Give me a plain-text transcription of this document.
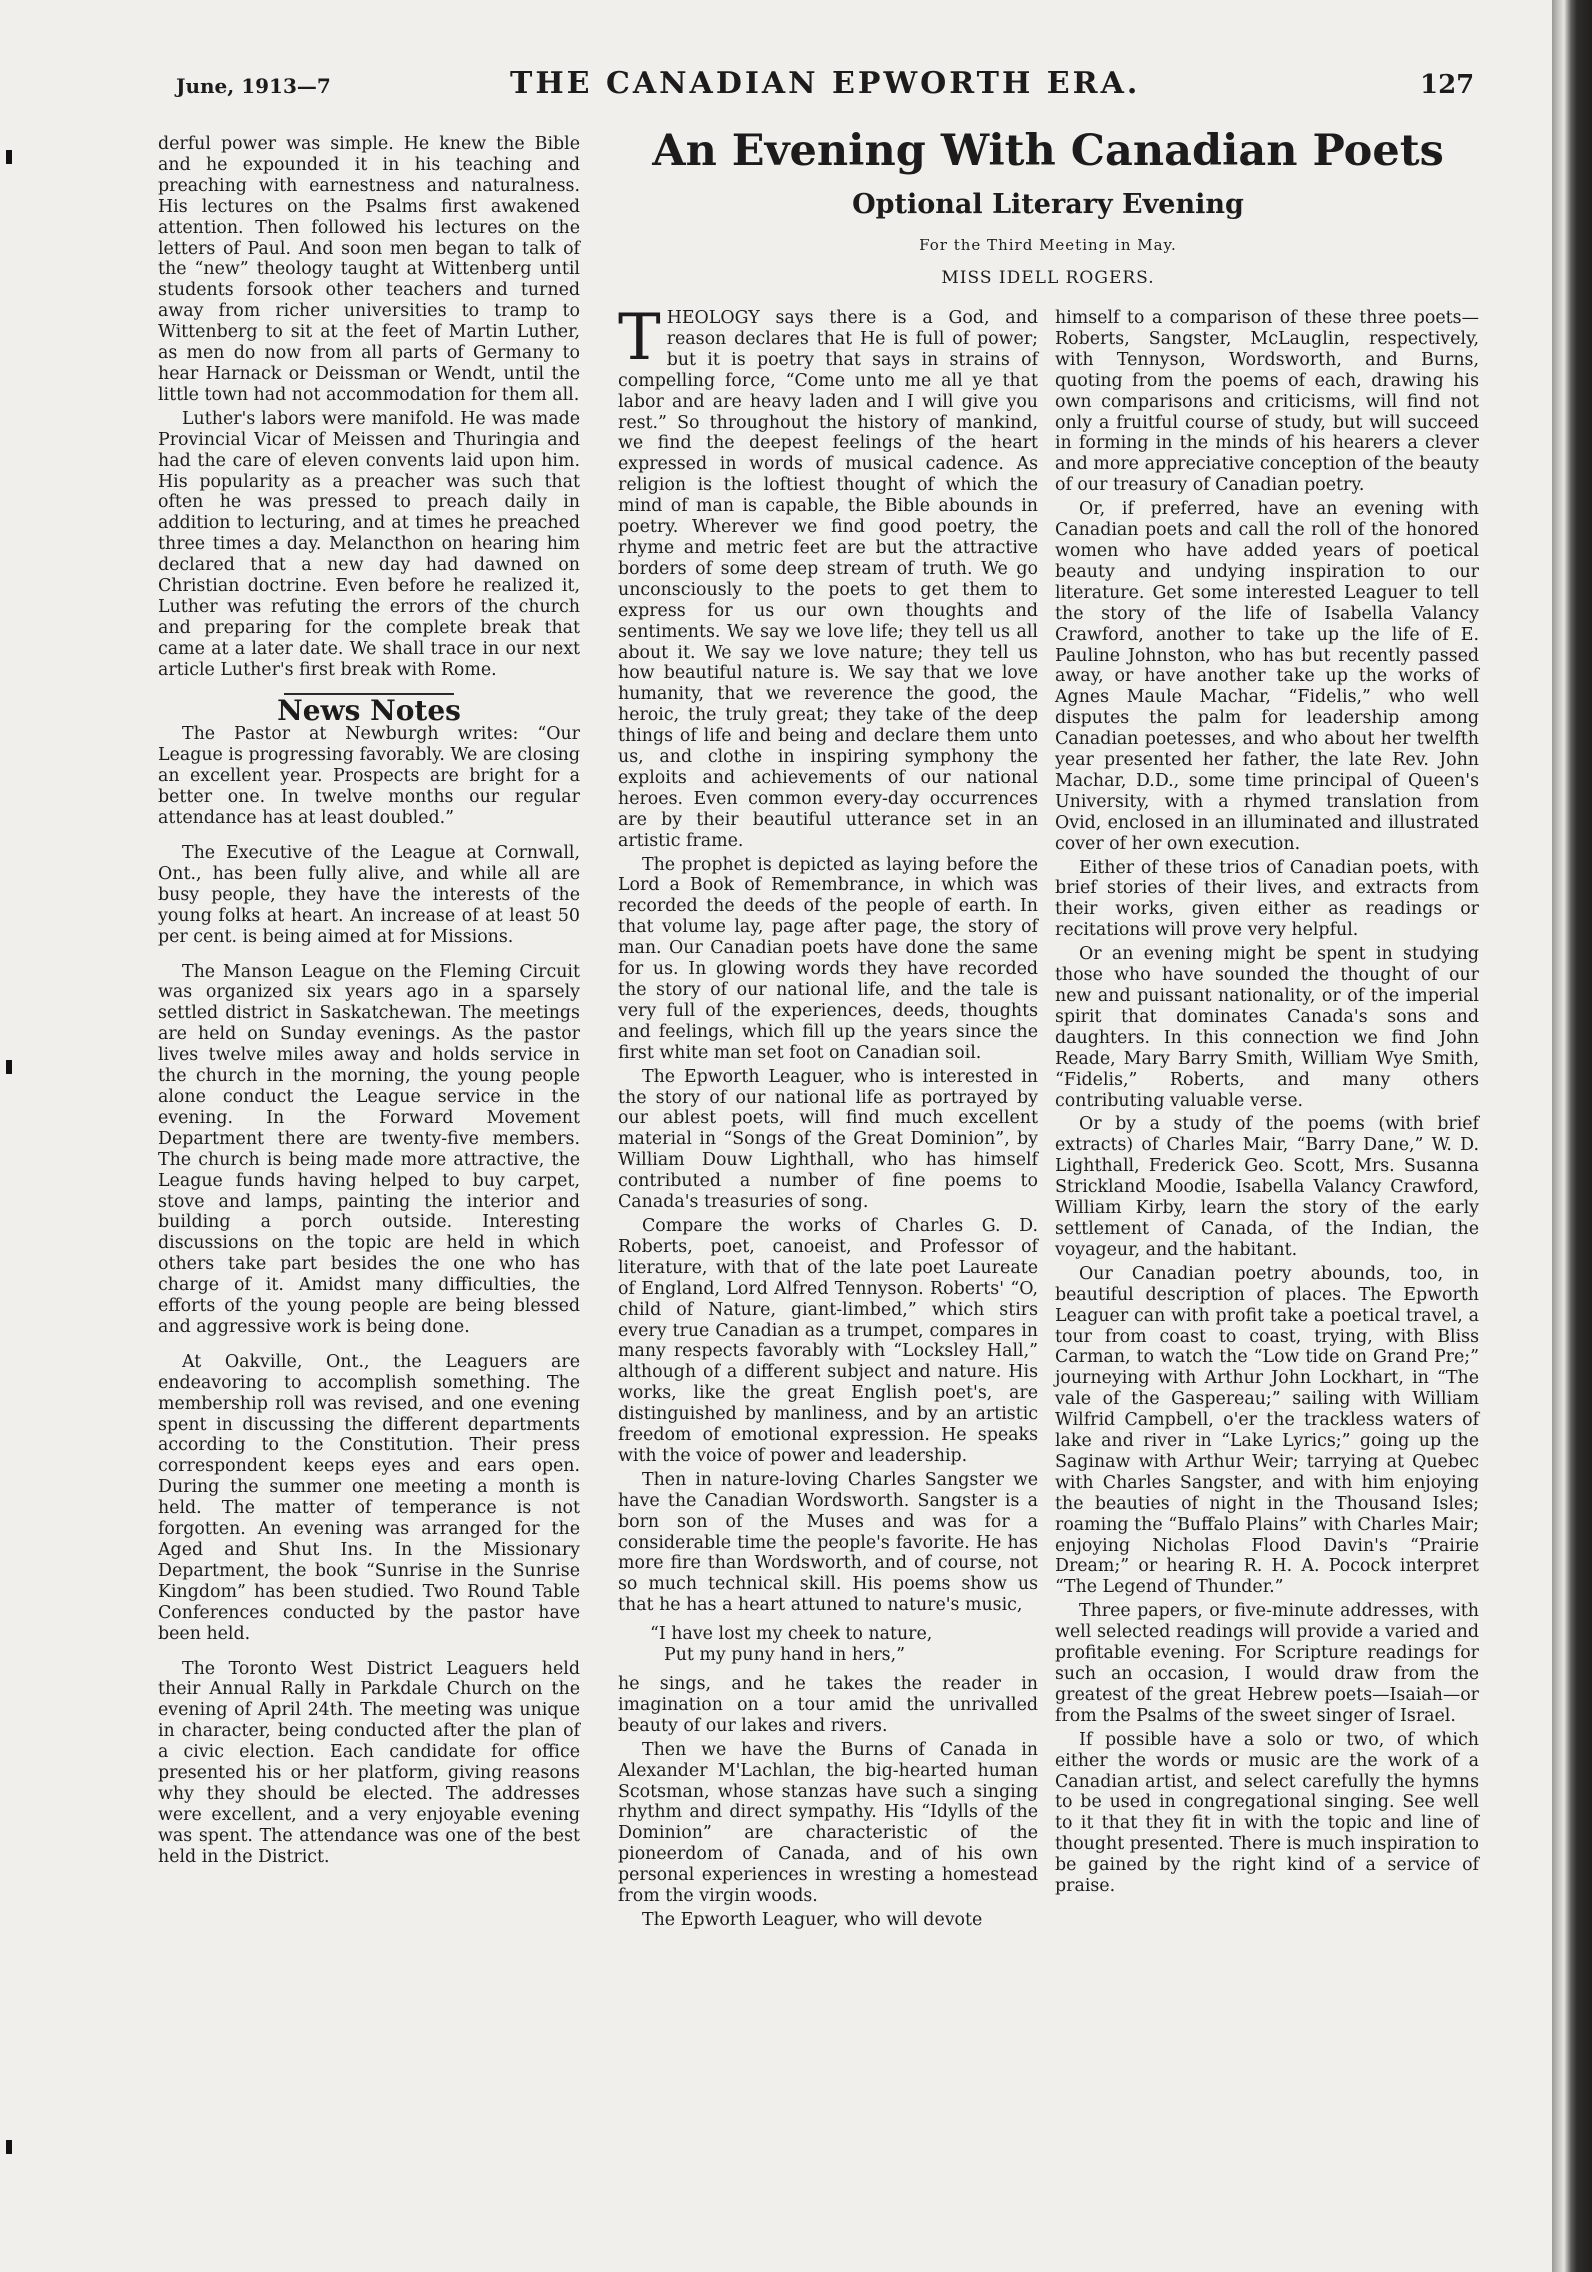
June, 1913—7	THE CANADIAN EPWORTH ERA.	127

derful power was simple. He knew the Bible and he expounded it in his teaching and preaching with earnestness and naturalness. His lectures on the Psalms first awakened attention. Then followed his lectures on the letters of Paul. And soon men began to talk of the “new” theology taught at Wittenberg until students forsook other teachers and turned away from richer universities to tramp to Wittenberg to sit at the feet of Martin Luther, as men do now from all parts of Germany to hear Harnack or Deissman or Wendt, until the little town had not accommodation for them all.

Luther's labors were manifold. He was made Provincial Vicar of Meissen and Thuringia and had the care of eleven convents laid upon him. His popularity as a preacher was such that often he was pressed to preach daily in addition to lecturing, and at times he preached three times a day. Melancthon on hearing him declared that a new day had dawned on Christian doctrine. Even before he realized it, Luther was refuting the errors of the church and preparing for the complete break that came at a later date. We shall trace in our next article Luther's first break with Rome.

News Notes

The Pastor at Newburgh writes: “Our League is progressing favorably. We are closing an excellent year. Prospects are bright for a better one. In twelve months our regular attendance has at least doubled.”

The Executive of the League at Cornwall, Ont., has been fully alive, and while all are busy people, they have the interests of the young folks at heart. An increase of at least 50 per cent. is being aimed at for Missions.

The Manson League on the Fleming Circuit was organized six years ago in a sparsely settled district in Saskatchewan. The meetings are held on Sunday evenings. As the pastor lives twelve miles away and holds service in the church in the morning, the young people alone conduct the League service in the evening. In the Forward Movement Department there are twenty-five members. The church is being made more attractive, the League funds having helped to buy carpet, stove and lamps, painting the interior and building a porch outside. Interesting discussions on the topic are held in which others take part besides the one who has charge of it. Amidst many difficulties, the efforts of the young people are being blessed and aggressive work is being done.

At Oakville, Ont., the Leaguers are endeavoring to accomplish something. The membership roll was revised, and one evening spent in discussing the different departments according to the Constitution. Their press correspondent keeps eyes and ears open. During the summer one meeting a month is held. The matter of temperance is not forgotten. An evening was arranged for the Aged and Shut Ins. In the Missionary Department, the book “Sunrise in the Sunrise Kingdom” has been studied. Two Round Table Conferences conducted by the pastor have been held.

The Toronto West District Leaguers held their Annual Rally in Parkdale Church on the evening of April 24th. The meeting was unique in character, being conducted after the plan of a civic election. Each candidate for office presented his or her platform, giving reasons why they should be elected. The addresses were excellent, and a very enjoyable evening was spent. The attendance was one of the best held in the District.

An Evening With Canadian Poets

Optional Literary Evening

For the Third Meeting in May.

MISS IDELL ROGERS.

THEOLOGY says there is a God, and reason declares that He is full of power; but it is poetry that says in strains of compelling force, “Come unto me all ye that labor and are heavy laden and I will give you rest.” So throughout the history of mankind, we find the deepest feelings of the heart expressed in words of musical cadence. As religion is the loftiest thought of which the mind of man is capable, the Bible abounds in poetry. Wherever we find good poetry, the rhyme and metric feet are but the attractive borders of some deep stream of truth. We go unconsciously to the poets to get them to express for us our own thoughts and sentiments. We say we love life; they tell us all about it. We say we love nature; they tell us how beautiful nature is. We say that we love humanity, that we reverence the good, the heroic, the truly great; they take of the deep things of life and being and declare them unto us, and clothe in inspiring symphony the exploits and achievements of our national heroes. Even common every-day occurrences are by their beautiful utterance set in an artistic frame.

The prophet is depicted as laying before the Lord a Book of Remembrance, in which was recorded the deeds of the people of earth. In that volume lay, page after page, the story of man. Our Canadian poets have done the same for us. In glowing words they have recorded the story of our national life, and the tale is very full of the experiences, deeds, thoughts and feelings, which fill up the years since the first white man set foot on Canadian soil.

The Epworth Leaguer, who is interested in the story of our national life as portrayed by our ablest poets, will find much excellent material in “Songs of the Great Dominion”, by William Douw Lighthall, who has himself contributed a number of fine poems to Canada's treasuries of song.

Compare the works of Charles G. D. Roberts, poet, canoeist, and Professor of literature, with that of the late poet Laureate of England, Lord Alfred Tennyson. Roberts' “O, child of Nature, giant-limbed,” which stirs every true Canadian as a trumpet, compares in many respects favorably with “Locksley Hall,” although of a different subject and nature. His works, like the great English poet's, are distinguished by manliness, and by an artistic freedom of emotional expression. He speaks with the voice of power and leadership.

Then in nature-loving Charles Sangster we have the Canadian Wordsworth. Sangster is a born son of the Muses and was for a considerable time the people's favorite. He has more fire than Wordsworth, and of course, not so much technical skill. His poems show us that he has a heart attuned to nature's music,

“I have lost my cheek to nature,
Put my puny hand in hers,”

he sings, and he takes the reader in imagination on a tour amid the unrivalled beauty of our lakes and rivers.

Then we have the Burns of Canada in Alexander M'Lachlan, the big-hearted human Scotsman, whose stanzas have such a singing rhythm and direct sympathy. His “Idylls of the Dominion” are characteristic of the pioneerdom of Canada, and of his own personal experiences in wresting a homestead from the virgin woods.

The Epworth Leaguer, who will devote

himself to a comparison of these three poets—Roberts, Sangster, McLauglin, respectively, with Tennyson, Wordsworth, and Burns, quoting from the poems of each, drawing his own comparisons and criticisms, will find not only a fruitful course of study, but will succeed in forming in the minds of his hearers a clever and more appreciative conception of the beauty of our treasury of Canadian poetry.

Or, if preferred, have an evening with Canadian poets and call the roll of the honored women who have added years of poetical beauty and undying inspiration to our literature. Get some interested Leaguer to tell the story of the life of Isabella Valancy Crawford, another to take up the life of E. Pauline Johnston, who has but recently passed away, or have another take up the works of Agnes Maule Machar, “Fidelis,” who well disputes the palm for leadership among Canadian poetesses, and who about her twelfth year presented her father, the late Rev. John Machar, D.D., some time principal of Queen's University, with a rhymed translation from Ovid, enclosed in an illuminated and illustrated cover of her own execution.

Either of these trios of Canadian poets, with brief stories of their lives, and extracts from their works, given either as readings or recitations will prove very helpful.

Or an evening might be spent in studying those who have sounded the thought of our new and puissant nationality, or of the imperial spirit that dominates Canada's sons and daughters. In this connection we find John Reade, Mary Barry Smith, William Wye Smith, “Fidelis,” Roberts, and many others contributing valuable verse.

Or by a study of the poems (with brief extracts) of Charles Mair, “Barry Dane,” W. D. Lighthall, Frederick Geo. Scott, Mrs. Susanna Strickland Moodie, Isabella Valancy Crawford, William Kirby, learn the story of the early settlement of Canada, of the Indian, the voyageur, and the habitant.

Our Canadian poetry abounds, too, in beautiful description of places. The Epworth Leaguer can with profit take a poetical travel, a tour from coast to coast, trying, with Bliss Carman, to watch the “Low tide on Grand Pre;” journeying with Arthur John Lockhart, in “The vale of the Gaspereau;” sailing with William Wilfrid Campbell, o'er the trackless waters of lake and river in “Lake Lyrics;” going up the Saginaw with Arthur Weir; tarrying at Quebec with Charles Sangster, and with him enjoying the beauties of night in the Thousand Isles; roaming the “Buffalo Plains” with Charles Mair; enjoying Nicholas Flood Davin's “Prairie Dream;” or hearing R. H. A. Pocock interpret “The Legend of Thunder.”

Three papers, or five-minute addresses, with well selected readings will provide a varied and profitable evening. For Scripture readings for such an occasion, I would draw from the greatest of the great Hebrew poets—Isaiah—or from the Psalms of the sweet singer of Israel.

If possible have a solo or two, of which either the words or music are the work of a Canadian artist, and select carefully the hymns to be used in congregational singing. See well to it that they fit in with the topic and line of thought presented. There is much inspiration to be gained by the right kind of a service of praise.
